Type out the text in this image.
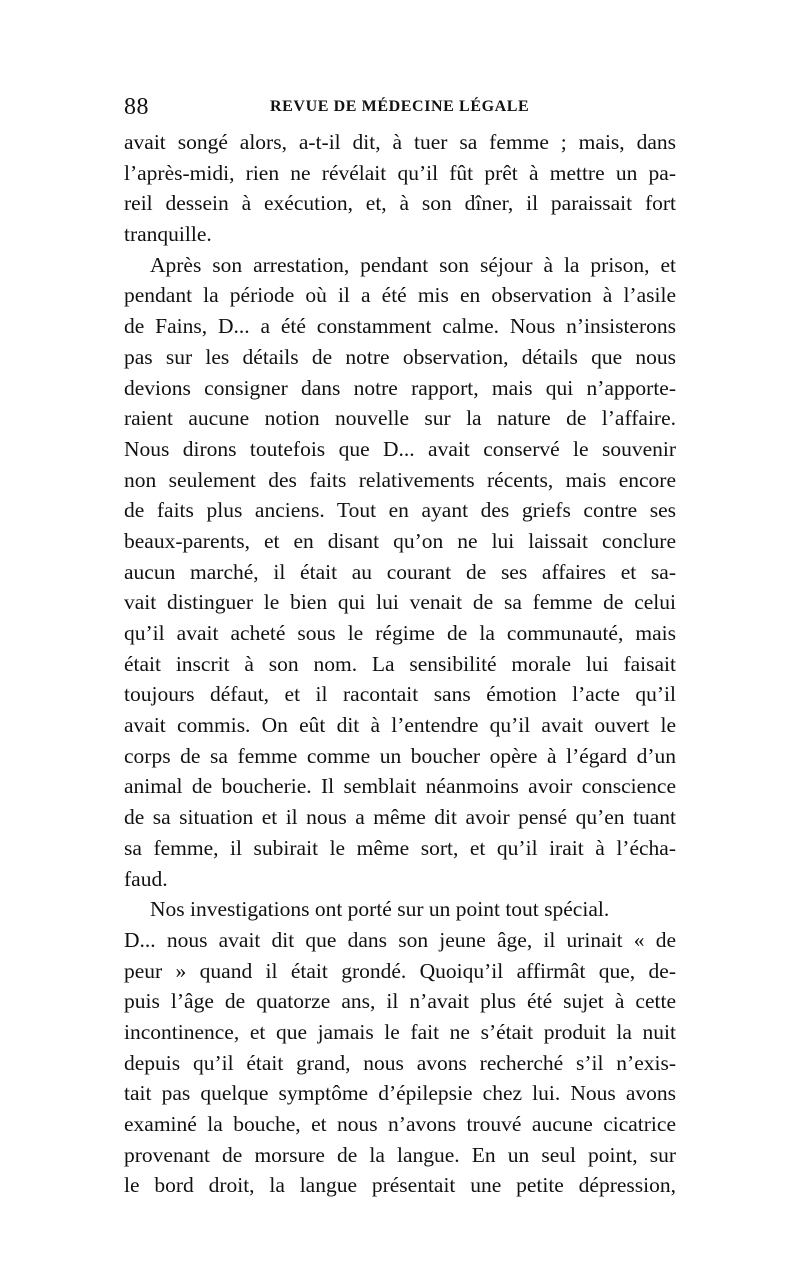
88	REVUE DE MÉDECINE LÉGALE
avait songé alors, a-t-il dit, à tuer sa femme ; mais, dans
l’après-midi, rien ne révélait qu’il fût prêt à mettre un pa-
reil dessein à exécution, et, à son dîner, il paraissait fort
tranquille.
Après son arrestation, pendant son séjour à la prison, et
pendant la période où il a été mis en observation à l’asile
de Fains, D... a été constamment calme. Nous n’insisterons
pas sur les détails de notre observation, détails que nous
devions consigner dans notre rapport, mais qui n’apporte-
raient aucune notion nouvelle sur la nature de l’affaire.
Nous dirons toutefois que D... avait conservé le souvenir
non seulement des faits relativements récents, mais encore
de faits plus anciens. Tout en ayant des griefs contre ses
beaux-parents, et en disant qu’on ne lui laissait conclure
aucun marché, il était au courant de ses affaires et sa-
vait distinguer le bien qui lui venait de sa femme de celui
qu’il avait acheté sous le régime de la communauté, mais
était inscrit à son nom. La sensibilité morale lui faisait
toujours défaut, et il racontait sans émotion l’acte qu’il
avait commis. On eût dit à l’entendre qu’il avait ouvert le
corps de sa femme comme un boucher opère à l’égard d’un
animal de boucherie. Il semblait néanmoins avoir conscience
de sa situation et il nous a même dit avoir pensé qu’en tuant
sa femme, il subirait le même sort, et qu’il irait à l’écha-
faud.
Nos investigations ont porté sur un point tout spécial.
D... nous avait dit que dans son jeune âge, il urinait « de
peur » quand il était grondé. Quoiqu’il affirmât que, de-
puis l’âge de quatorze ans, il n’avait plus été sujet à cette
incontinence, et que jamais le fait ne s’était produit la nuit
depuis qu’il était grand, nous avons recherché s’il n’exis-
tait pas quelque symptôme d’épilepsie chez lui. Nous avons
examiné la bouche, et nous n’avons trouvé aucune cicatrice
provenant de morsure de la langue. En un seul point, sur
le bord droit, la langue présentait une petite dépression,
